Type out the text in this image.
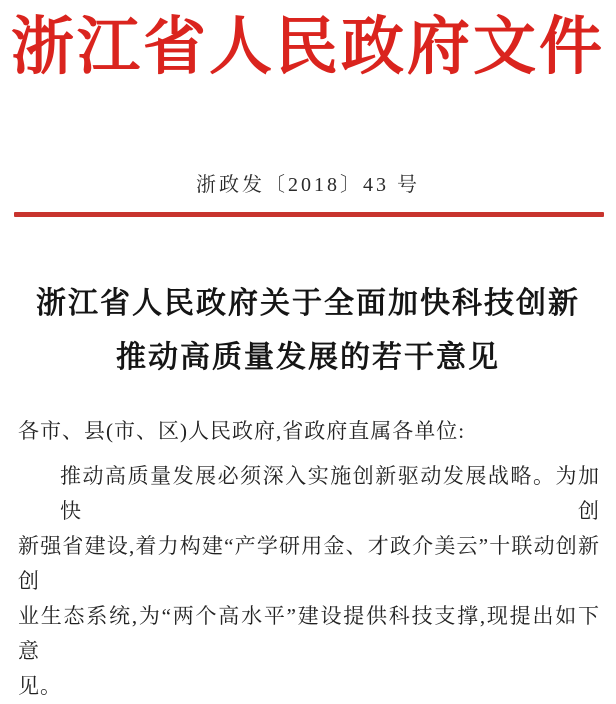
浙江省人民政府文件
浙政发〔2018〕43 号
浙江省人民政府关于全面加快科技创新
推动高质量发展的若干意见
各市、县(市、区)人民政府,省政府直属各单位:
推动高质量发展必须深入实施创新驱动发展战略。为加快创
新强省建设,着力构建“产学研用金、才政介美云”十联动创新创
业生态系统,为“两个高水平”建设提供科技支撑,现提出如下意
见。
